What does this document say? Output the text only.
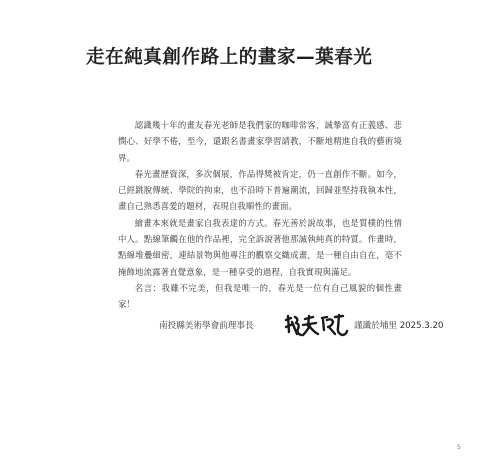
走在純真創作路上的畫家—葉春光

認識幾十年的畫友春光老師是我們家的咖啡常客，誠摯富有正義感、悲憫心、好學不倦，至今，還跟名書畫家學習請教，不斷地精進自我的藝術境界。

春光畫歷資深，多次個展，作品得獎被肯定，仍一直創作不斷。如今，已經跳脫傳統、學院的拘束，也不沿時下普遍潮流，回歸並堅持我執本性，畫自己熟悉喜愛的題材，表現自我順性的畫面。

繪畫本來就是畫家自我表達的方式。春光善於說故事，也是質樸的性情中人。點線筆觸在他的作品裡，完全訴說著他那誠執純真的特質。作畫時，點線堆疊細密，連結景物與他專注的觀察交織成畫，是一種自由自在，毫不掩飾地流露著直覺意象，是一種享受的過程，自我實現與滿足。

名言：我雖不完美，但我是唯一的，春光是一位有自己風貌的個性畫家！

南投縣美術學會前理事長	謹識於埔里 2025.3.20
5
